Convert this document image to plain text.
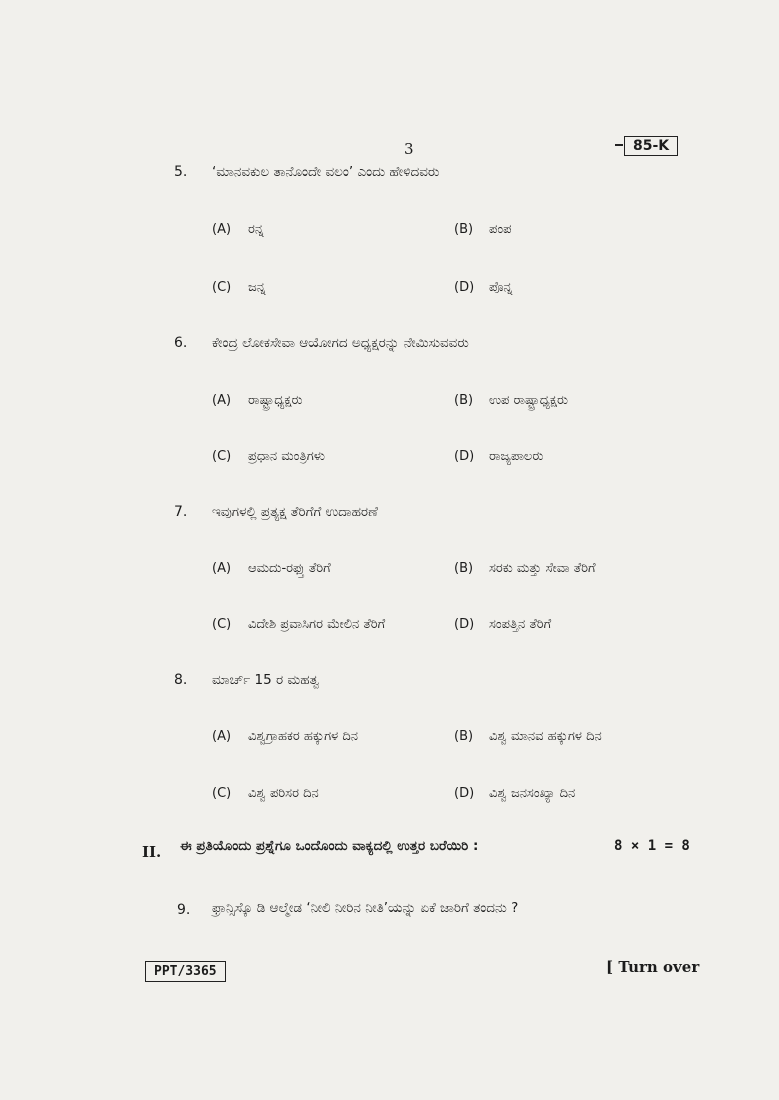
3	85-K
5. ‘ಮಾನವಕುಲ ತಾನೊಂದೇ ವಲಂ’ ಎಂದು ಹೇಳಿದವರು
(A) ರನ್ನ	(B) ಪಂಪ
(C) ಜನ್ನ	(D) ಪೊನ್ನ
6. ಕೇಂದ್ರ ಲೋಕಸೇವಾ ಆಯೋಗದ ಅಧ್ಯಕ್ಷರನ್ನು ನೇಮಿಸುವವರು
(A) ರಾಷ್ಟ್ರಾಧ್ಯಕ್ಷರು	(B) ಉಪ ರಾಷ್ಟ್ರಾಧ್ಯಕ್ಷರು
(C) ಪ್ರಧಾನ ಮಂತ್ರಿಗಳು	(D) ರಾಜ್ಯಪಾಲರು
7. ಇವುಗಳಲ್ಲಿ ಪ್ರತ್ಯಕ್ಷ ತೆರಿಗೆಗೆ ಉದಾಹರಣೆ
(A) ಆಮದು-ರಫ್ತು ತೆರಿಗೆ	(B) ಸರಕು ಮತ್ತು ಸೇವಾ ತೆರಿಗೆ
(C) ವಿದೇಶಿ ಪ್ರವಾಸಿಗರ ಮೇಲಿನ ತೆರಿಗೆ	(D) ಸಂಪತ್ತಿನ ತೆರಿಗೆ
8. ಮಾರ್ಚ್ 15 ರ ಮಹತ್ವ
(A) ವಿಶ್ವಗ್ರಾಹಕರ ಹಕ್ಕುಗಳ ದಿನ	(B) ವಿಶ್ವ ಮಾನವ ಹಕ್ಕುಗಳ ದಿನ
(C) ವಿಶ್ವ ಪರಿಸರ ದಿನ	(D) ವಿಶ್ವ ಜನಸಂಖ್ಯಾ ದಿನ
II. ಈ ಪ್ರತಿಯೊಂದು ಪ್ರಶ್ನೆಗೂ ಒಂದೊಂದು ವಾಕ್ಯದಲ್ಲಿ ಉತ್ತರ ಬರೆಯಿರಿ :	8 × 1 = 8
9. ಫ್ರಾನ್ಸಿಸ್ಕೊ ಡಿ ಆಲ್ಮೇಡ ‘ನೀಲಿ ನೀರಿನ ನೀತಿ’ಯನ್ನು ಏಕೆ ಜಾರಿಗೆ ತಂದನು ?
PPT/3365
[	Turn over
